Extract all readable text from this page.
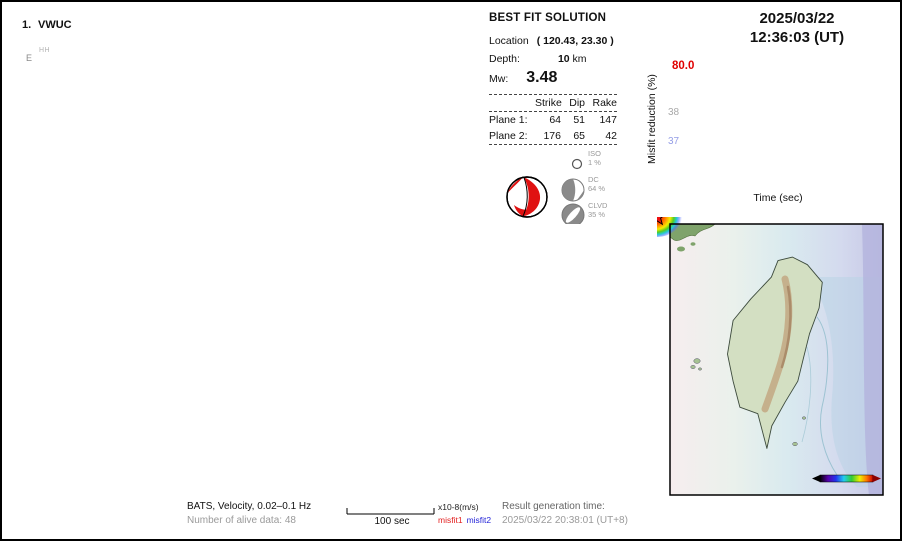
1. VWUC
E
HH
BEST FIT SOLUTION
Location ( 120.43, 23.30 )
Depth:	10 km
Mw: 3.48
Strike Dip Rake
Plane 1:	64	51	147
Plane 2:	176	65	42
ISO
1 %
DC
64 %
CLVD
35 %
2025/03/22
12:36:03 (UT)
80.0
38
37
Misfit reduction (%)
Time (sec)
BATS, Velocity, 0.02–0.1 Hz
Number of alive data: 48	100 sec
x10-8(m/s)
misfit1 misfit2
Result generation time:
2025/03/22 20:38:01 (UT+8)
